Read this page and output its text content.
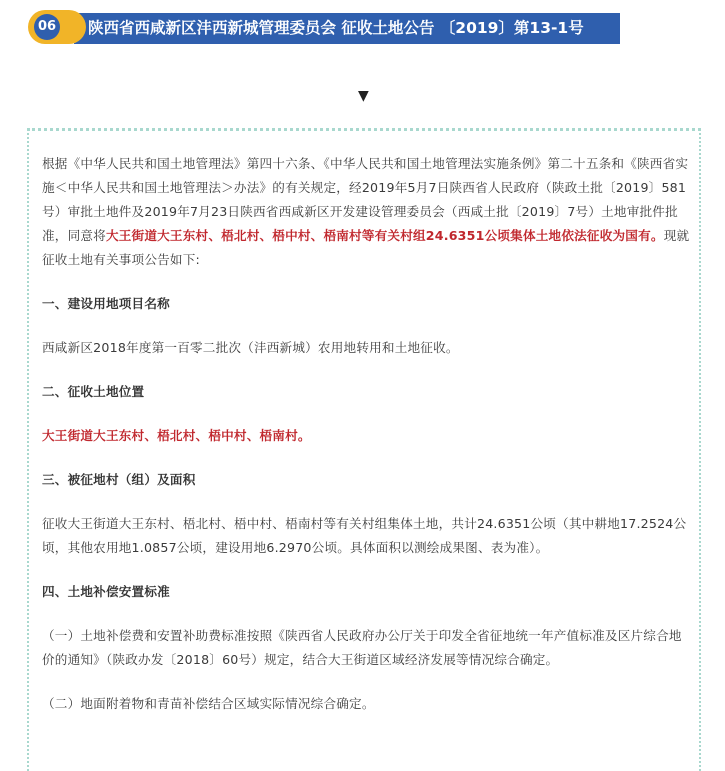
陕西省西咸新区沣西新城管理委员会 征收土地公告 〔2019〕第13-1号
06
▼

根据《中华人民共和国土地管理法》第四十六条、《中华人民共和国土地管理法实施条例》第二十五条和《陕西省实施＜中华人民共和国土地管理法＞办法》的有关规定，经2019年5月7日陕西省人民政府（陕政土批〔2019〕581号）审批土地件及2019年7月23日陕西省西咸新区开发建设管理委员会（西咸土批〔2019〕7号）土地审批件批准，同意将大王街道大王东村、梧北村、梧中村、梧南村等有关村组24.6351公顷集体土地依法征收为国有。现就征收土地有关事项公告如下:

一、建设用地项目名称

西咸新区2018年度第一百零二批次（沣西新城）农用地转用和土地征收。

二、征收土地位置

大王街道大王东村、梧北村、梧中村、梧南村。

三、被征地村（组）及面积

征收大王街道大王东村、梧北村、梧中村、梧南村等有关村组集体土地，共计24.6351公顷（其中耕地17.2524公顷，其他农用地1.0857公顷，建设用地6.2970公顷。具体面积以测绘成果图、表为准）。

四、土地补偿安置标准

（一）土地补偿费和安置补助费标准按照《陕西省人民政府办公厅关于印发全省征地统一年产值标准及区片综合地价的通知》（陕政办发〔2018〕60号）规定，结合大王街道区域经济发展等情况综合确定。

（二）地面附着物和青苗补偿结合区域实际情况综合确定。
